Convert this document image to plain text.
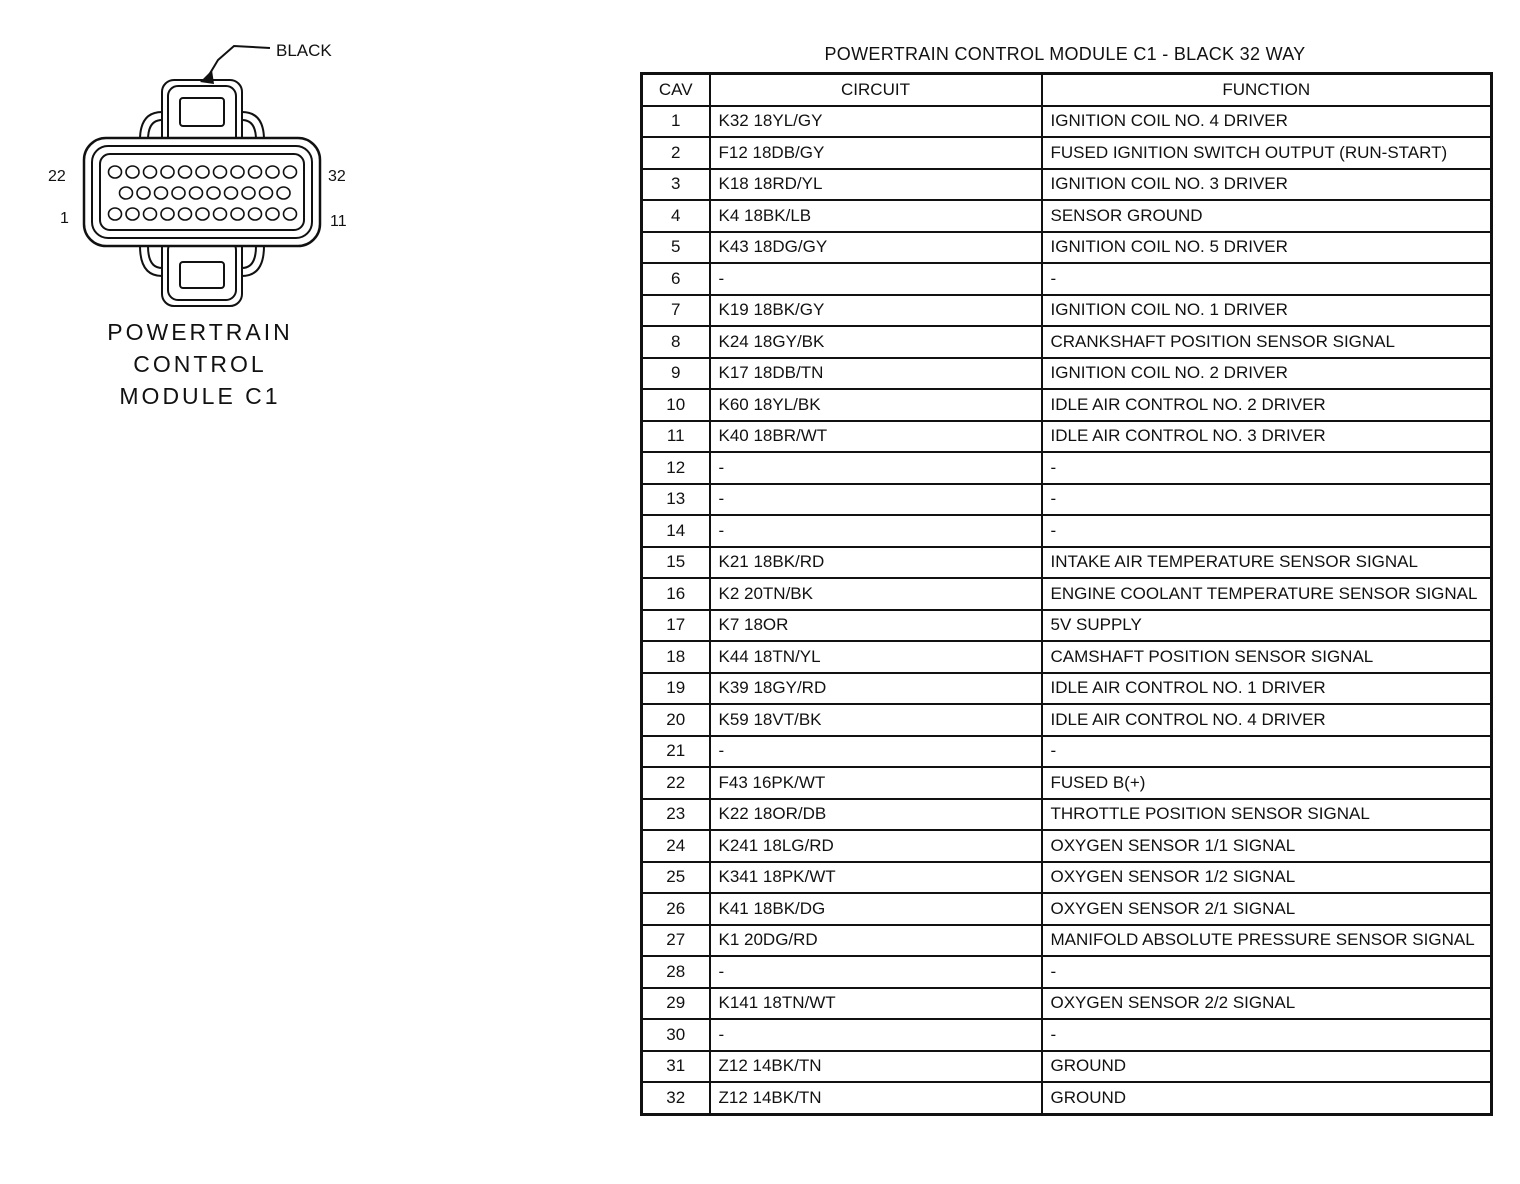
BLACK
22
1
32
11
POWERTRAIN
CONTROL
MODULE C1
POWERTRAIN CONTROL MODULE C1 - BLACK 32 WAY
CAV	CIRCUIT	FUNCTION
1	K32 18YL/GY	IGNITION COIL NO. 4 DRIVER
2	F12 18DB/GY	FUSED IGNITION SWITCH OUTPUT (RUN-START)
3	K18 18RD/YL	IGNITION COIL NO. 3 DRIVER
4	K4 18BK/LB	SENSOR GROUND
5	K43 18DG/GY	IGNITION COIL NO. 5 DRIVER
6	-	-
7	K19 18BK/GY	IGNITION COIL NO. 1 DRIVER
8	K24 18GY/BK	CRANKSHAFT POSITION SENSOR SIGNAL
9	K17 18DB/TN	IGNITION COIL NO. 2 DRIVER
10	K60 18YL/BK	IDLE AIR CONTROL NO. 2 DRIVER
11	K40 18BR/WT	IDLE AIR CONTROL NO. 3 DRIVER
12	-	-
13	-	-
14	-	-
15	K21 18BK/RD	INTAKE AIR TEMPERATURE SENSOR SIGNAL
16	K2 20TN/BK	ENGINE COOLANT TEMPERATURE SENSOR SIGNAL
17	K7 18OR	5V SUPPLY
18	K44 18TN/YL	CAMSHAFT POSITION SENSOR SIGNAL
19	K39 18GY/RD	IDLE AIR CONTROL NO. 1 DRIVER
20	K59 18VT/BK	IDLE AIR CONTROL NO. 4 DRIVER
21	-	-
22	F43 16PK/WT	FUSED B(+)
23	K22 18OR/DB	THROTTLE POSITION SENSOR SIGNAL
24	K241 18LG/RD	OXYGEN SENSOR 1/1 SIGNAL
25	K341 18PK/WT	OXYGEN SENSOR 1/2 SIGNAL
26	K41 18BK/DG	OXYGEN SENSOR 2/1 SIGNAL
27	K1 20DG/RD	MANIFOLD ABSOLUTE PRESSURE SENSOR SIGNAL
28	-	-
29	K141 18TN/WT	OXYGEN SENSOR 2/2 SIGNAL
30	-	-
31	Z12 14BK/TN	GROUND
32	Z12 14BK/TN	GROUND
